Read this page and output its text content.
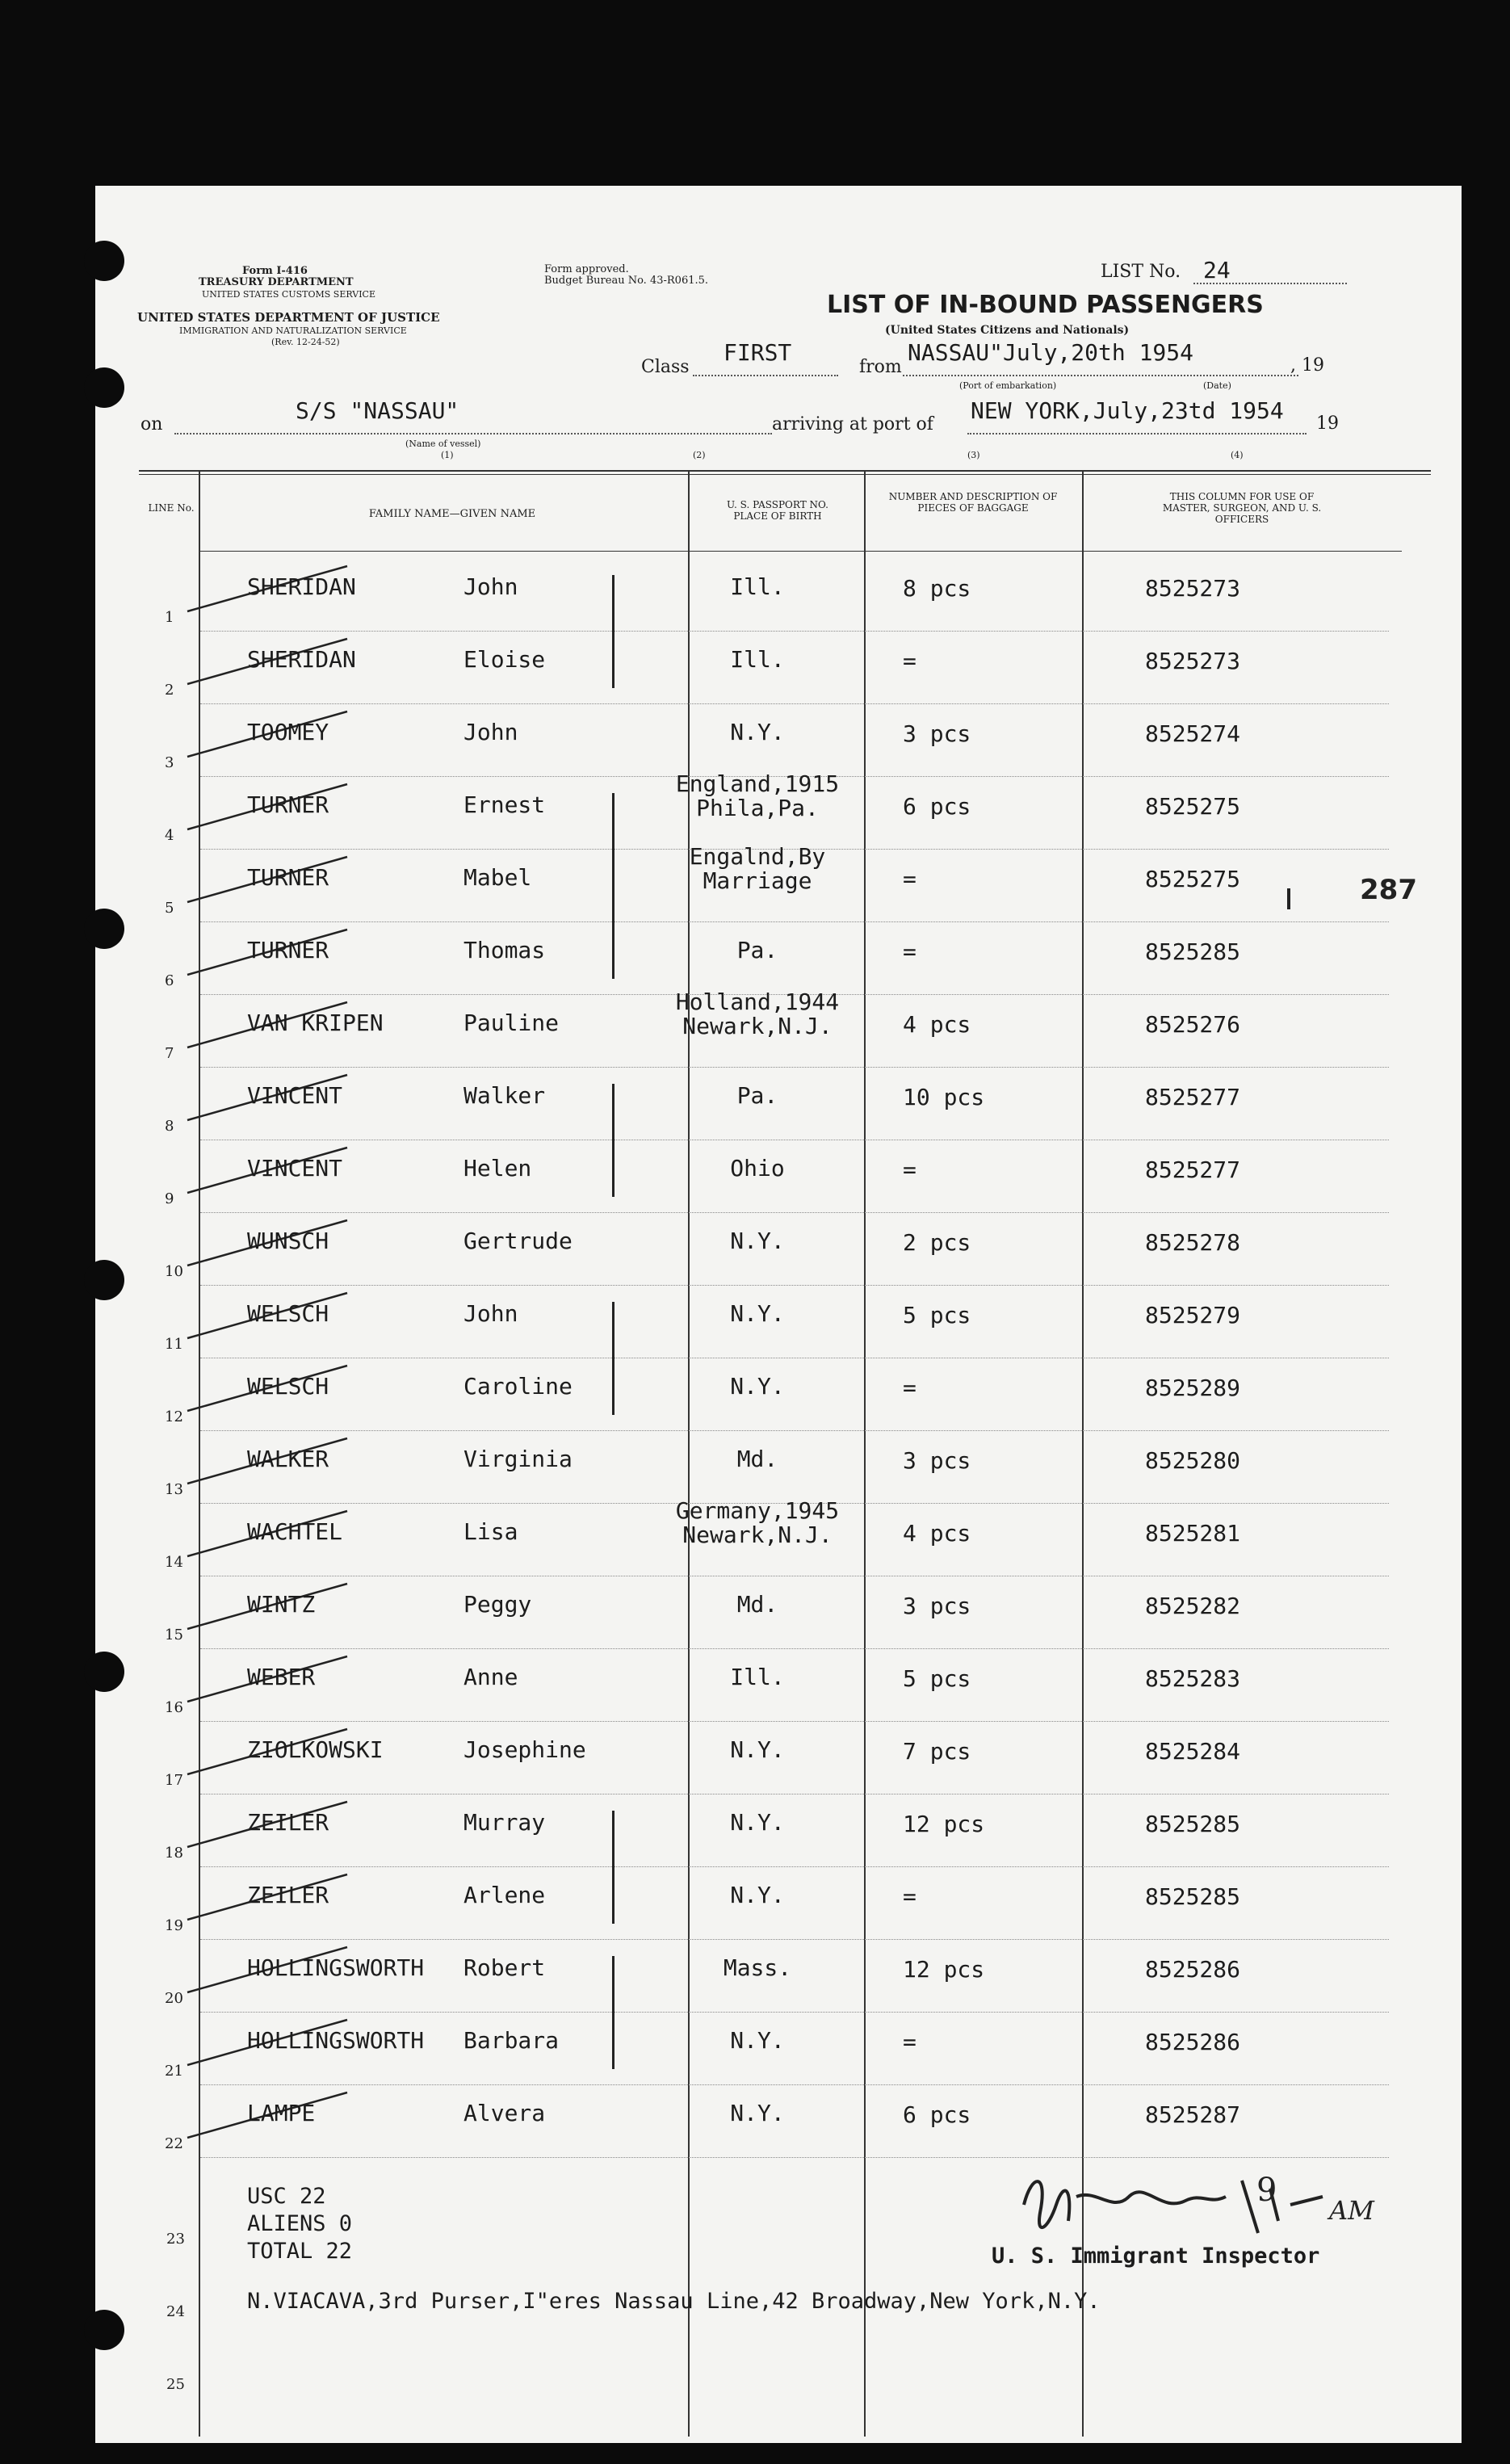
Form I-416
TREASURY DEPARTMENT
UNITED STATES CUSTOMS SERVICE
UNITED STATES DEPARTMENT OF JUSTICE
IMMIGRATION AND NATURALIZATION SERVICE
(Rev. 12-24-52)
Form approved.
Budget Bureau No. 43-R061.5.	LIST No. 24
LIST OF IN-BOUND PASSENGERS
(United States Citizens and Nationals)
Class
FIRST
from
NASSAU"July,20th 1954	, 19
(Port of embarkation)	(Date)
on
S/S "NASSAU"
(Name of vessel)
(1)
arriving at port of
NEW YORK,July,23td 1954 19
(2)	(3)	(4)
LINE No.	FAMILY NAME—GIVEN NAME
U. S. PASSPORT NO. PLACE OF BIRTH
NUMBER AND DESCRIPTION OF PIECES OF BAGGAGE
THIS COLUMN FOR USE OF MASTER, SURGEON, AND U. S. OFFICERS
1
SHERIDAN	John	Ill.	8 pcs	8525273
2
SHERIDAN	Eloise	Ill.	=	8525273
3
TOOMEY	John	N.Y.	3 pcs	8525274
4
TURNER	Ernest
England,1915
Phila,Pa.	6 pcs	8525275
5
TURNER	Mabel
Engalnd,By
Marriage	=	8525275
6
TURNER	Thomas	Pa.	=	8525285
7
VAN KRIPEN	Pauline
Holland,1944
Newark,N.J.	4 pcs	8525276
8
VINCENT	Walker	Pa.	10 pcs	8525277
9
VINCENT	Helen	Ohio	=	8525277
10
WUNSCH	Gertrude	N.Y.	2 pcs	8525278
11
WELSCH	John	N.Y.	5 pcs	8525279
12
WELSCH	Caroline	N.Y.	=	8525289
13
WALKER	Virginia	Md.	3 pcs	8525280
14
WACHTEL	Lisa
Germany,1945
Newark,N.J.	4 pcs	8525281
15
WINTZ	Peggy	Md.	3 pcs	8525282
16
WEBER	Anne	Ill.	5 pcs	8525283
17
ZIOLKOWSKI	Josephine	N.Y.	7 pcs	8525284
18
ZEILER	Murray	N.Y.	12 pcs	8525285
19
ZEILER	Arlene	N.Y.	=	8525285
20
HOLLINGSWORTH Robert	Mass.	12 pcs	8525286
21
HOLLINGSWORTH Barbara	N.Y.	=	8525286
22
LAMPE	Alvera	N.Y.	6 pcs	8525287
287
23
24
25
USC 22
ALIENS 0
TOTAL 22
N.VIACAVA,3rd Purser,I"eres Nassau Line,42 Broadway,New York,N.Y.
U. S. Immigrant Inspector
9
AM
